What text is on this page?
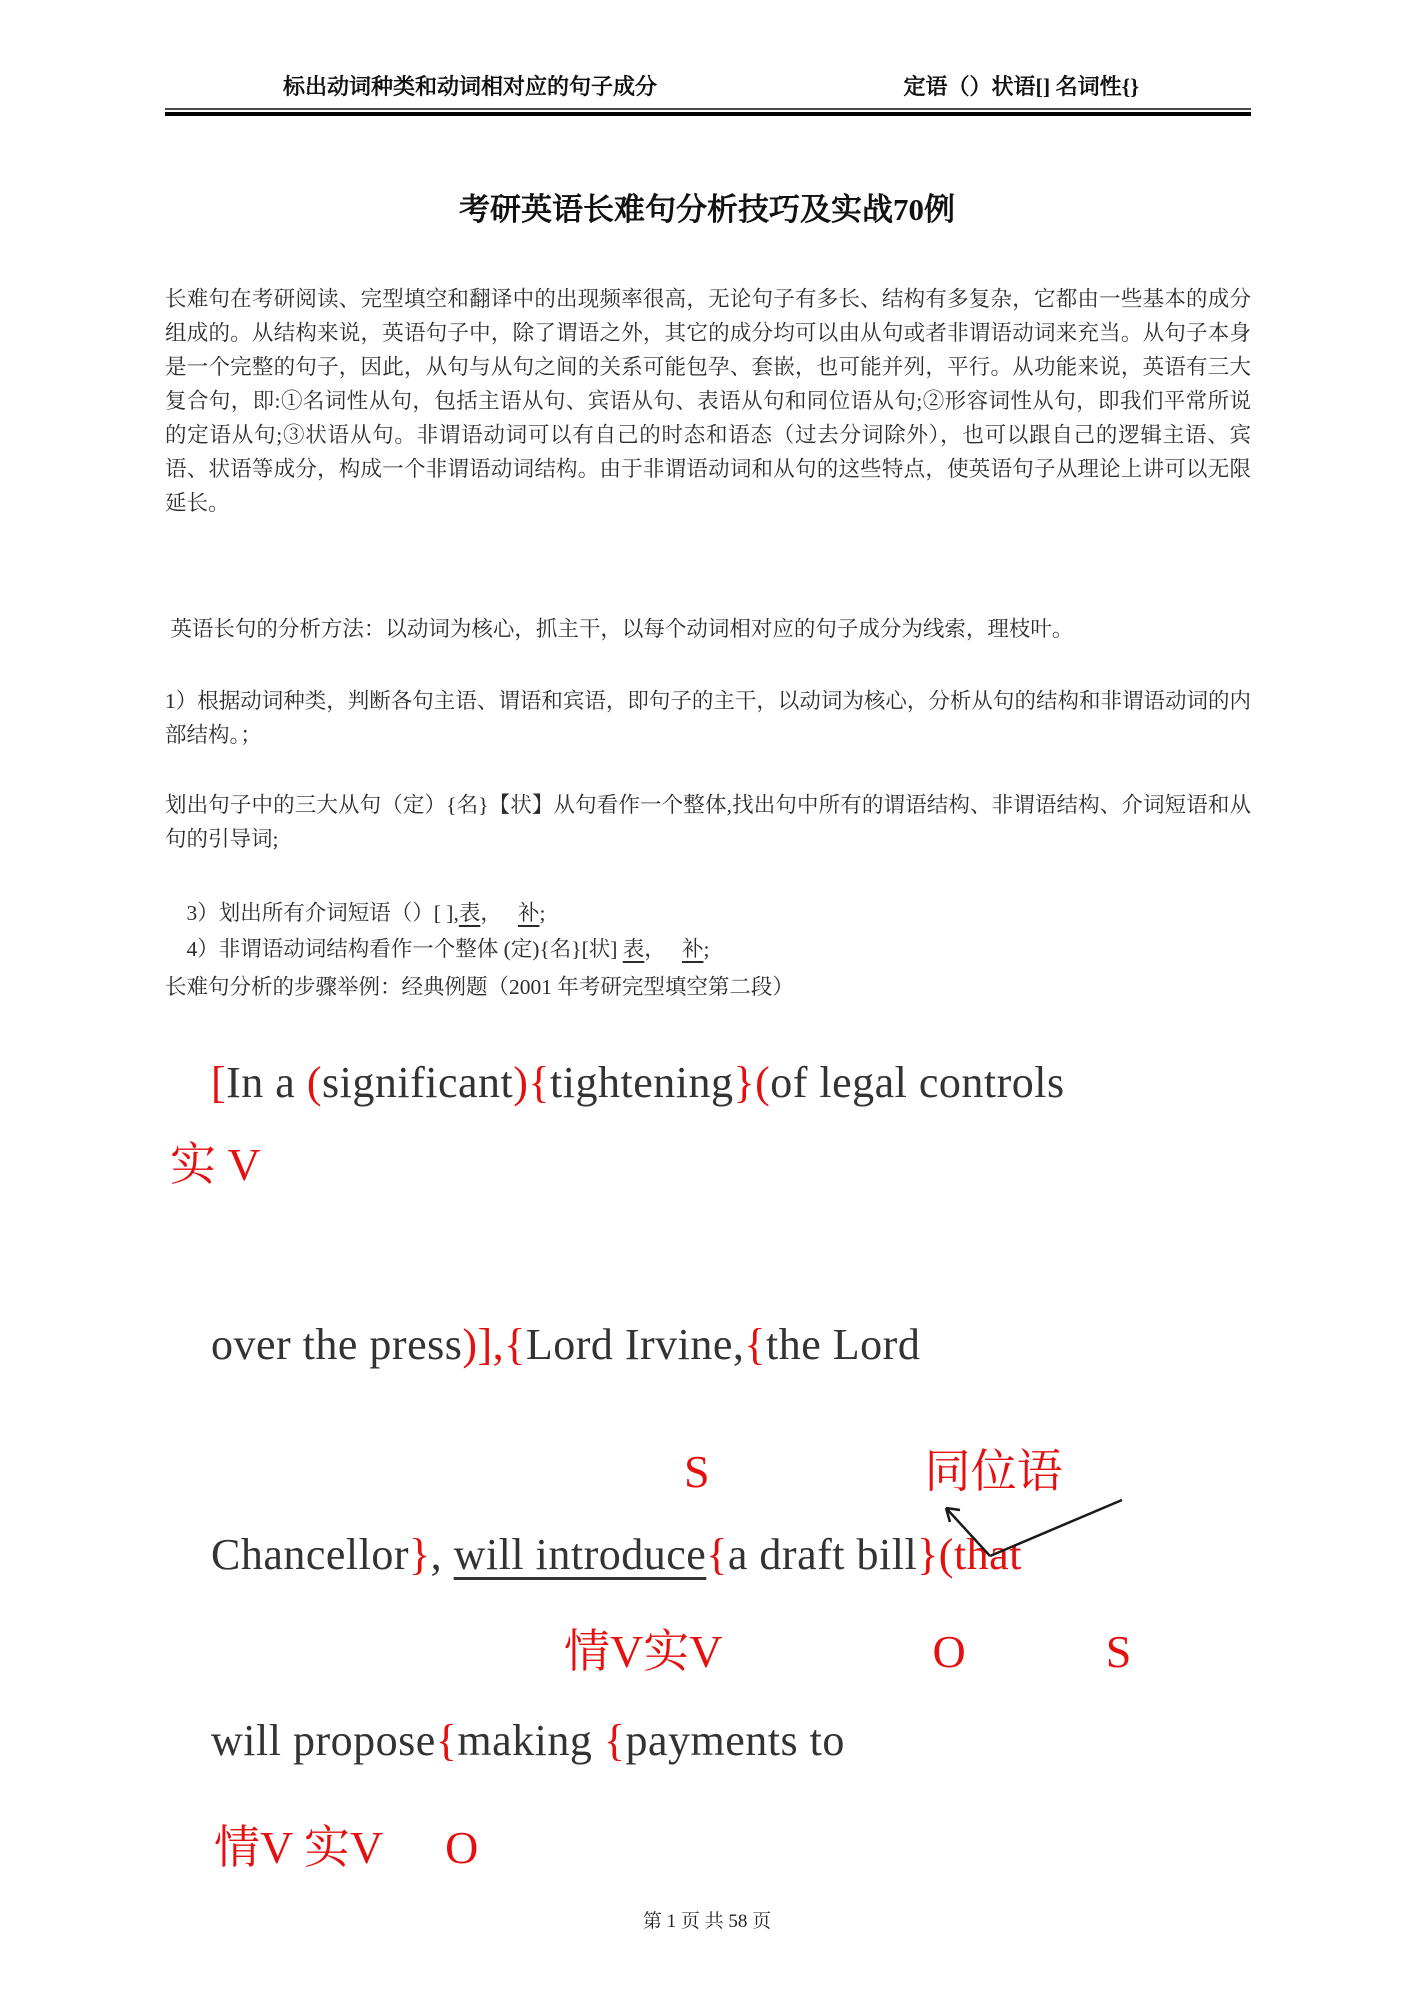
标出动词种类和动词相对应的句子成分	定语（）状语[] 名词性{}
考研英语长难句分析技巧及实战70例
长难句在考研阅读、完型填空和翻译中的出现频率很高，无论句子有多长、结构有多复杂，它都由一些基本的成分组成的。从结构来说，英语句子中，除了谓语之外，其它的成分均可以由从句或者非谓语动词来充当。从句子本身是一个完整的句子，因此，从句与从句之间的关系可能包孕、套嵌，也可能并列，平行。从功能来说，英语有三大复合句，即:①名词性从句，包括主语从句、宾语从句、表语从句和同位语从句;②形容词性从句，即我们平常所说的定语从句;③状语从句。非谓语动词可以有自己的时态和语态（过去分词除外），也可以跟自己的逻辑主语、宾语、状语等成分，构成一个非谓语动词结构。由于非谓语动词和从句的这些特点，使英语句子从理论上讲可以无限延长。
英语长句的分析方法：以动词为核心，抓主干，以每个动词相对应的句子成分为线索，理枝叶。
1）根据动词种类，判断各句主语、谓语和宾语，即句子的主干，以动词为核心，分析从句的结构和非谓语动词的内部结构。；
划出句子中的三大从句（定）{名}【状】从句看作一个整体,找出句中所有的谓语结构、非谓语结构、介词短语和从句的引导词;

3）划出所有介词短语（）[ ],表，   补;

4）非谓语动词结构看作一个整体 (定){名}[状] 表，   补;

长难句分析的步骤举例：经典例题（2001 年考研完型填空第二段）

[In a (significant){tightening}(of legal controls

实 V

over the press)],{Lord Irvine,{the Lord

S	同位语

Chancellor}, will introduce{a draft bill}(that

情V实V	O	S

will propose{making {payments to

情V 实V O

第 1 页 共 58 页
